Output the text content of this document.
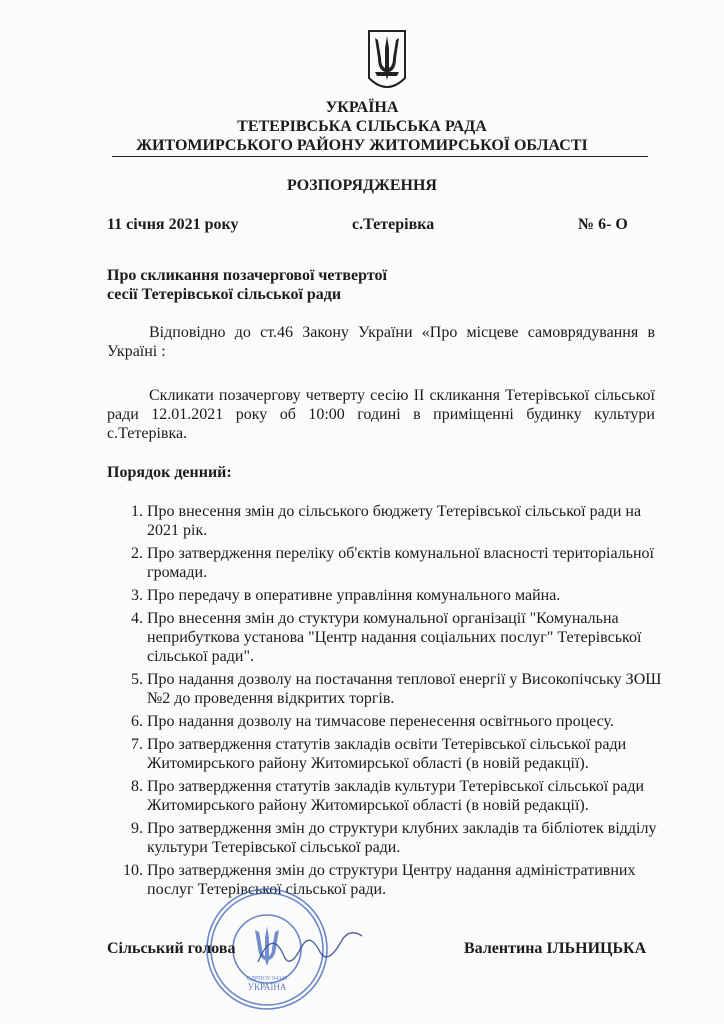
УКРАЇНА
ТЕТЕРІВСЬКА СІЛЬСЬКА РАДА
ЖИТОМИРСЬКОГО РАЙОНУ ЖИТОМИРСЬКОЇ ОБЛАСТІ
РОЗПОРЯДЖЕННЯ
11 січня 2021 року	с.Тетерівка	№ 6- О
Про скликання позачергової четвертої
сесії Тетерівської сільської ради
Відповідно до ст.46 Закону України «Про місцеве самоврядування в Україні :
Скликати позачергову четверту сесію ІІ скликання Тетерівської сільської ради 12.01.2021 року об 10:00 годині в приміщенні будинку культури с.Тетерівка.
Порядок денний:
1. Про внесення змін до сільського бюджету Тетерівської сільської ради на 2021 рік.
2. Про затвердження переліку об'єктів комунальної власності територіальної громади.
3. Про передачу в оперативне управління комунального майна.
4. Про внесення змін до стуктури комунальної організації "Комунальна неприбуткова установа "Центр надання соціальних послуг" Тетерівської сільської ради".
5. Про надання дозволу на постачання теплової енергії у Високопічську ЗОШ №2 до проведення відкритих торгів.
6. Про надання дозволу на тимчасове перенесення освітнього процесу.
7. Про затвердження статутів закладів освіти Тетерівської сільської ради Житомирського району Житомирської області (в новій редакції).
8. Про затвердження статутів закладів культури Тетерівської сільської ради Житомирського району Житомирської області (в новій редакції).
9. Про затвердження змін до структури клубних закладів та бібліотек відділу культури Тетерівської сільської ради.
10. Про затвердження змін до структури Центру надання адміністративних послуг Тетерівської сільської ради.
УКРАЇНА
ЄДРПОУ 04345
Сільський голова	Валентина ІЛЬНИЦЬКА
